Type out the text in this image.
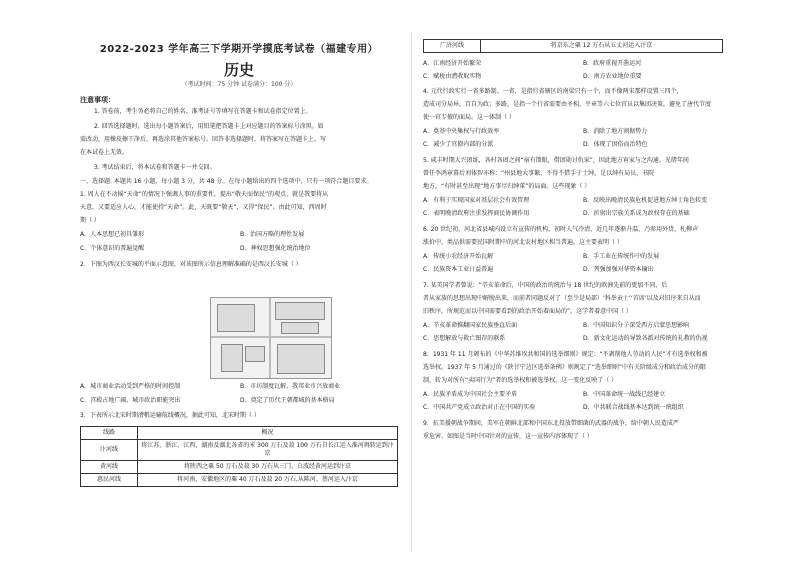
2022-2023 学年高三下学期开学摸底考试卷（福建专用）
历史
（考试时间：75 分钟 试卷满分：100 分）
注意事项：
1. 答卷前，考生务必将自己的姓名、准考证号等填写在答题卡和试卷指定位置上。
2. 回答选择题时，选出每小题答案后，用铅笔把答题卡上对应题目的答案标号涂黑。如
需改动，用橡皮擦干净后，再选涂其他答案标号。回答非选择题时，将答案写在答题卡上。写
在本试卷上无效。
3. 考试结束后，将本试卷和答题卡一并交回。
一、选择题. 本题共 16 小题，每小题 3 分，共 48 分。在每小题给出的四个选项中，只有一项符合题目要求。
1. 周人在不动摇“天命”的情况下强调人事的重要性，提出“敬天而保民”的观点，就是我要将从
天意，又要适应人心，才能使持“天命”。此，天既要“敬天”，又得“保民”。由此可知，西周时
期（ ）
A．人本思想已初具雏形	B．治国方略的理性发展
C．个体意识的普遍觉醒	D．神权思想强化统治地位
2．下图为西汉长安城的平面示意图，对该图所示信息理解准确的是西汉长安城（ ）
A．城市商业活动受到严格的时间控制	B．市坊制度瓦解，我邦业市兴放商业
C．宫殿占地广阔，城市政治职能突出	D．奠定了历代王朝都城的基本格局
3．下表所示北宋时期漕粮运输航线概况，据此可知，北宋时期（ ）
线路	概况
汴河线	将江苏、浙江、江西、湖南及湖北各省的米 300 万石及菽 100 万石自长江运入淮河再转运到汴京
黄河线	将陕西之粟 50 万石及菽 30 万石从三门、白波经黄河运到汴京
惠民河线	将河南、安徽地区的粟 40 万石及菽 20 万石,从陈河、蔡河运入汴京
广济河线	将京东之粟 12 万石从五丈河运入汴京
A．江南经济开始繁荣	B．政府重视开凿运河
C．赋税由漕收取实物	D．南方农业地位重要
4. 元代行政实行一省多路制。一省，是指行省辖区的南梁只有一个，而不像两宋那样设置三四个，
造成司分局异，百自为政；多路，是指一个行省需要由圣相、平章等六七位官员以集团决策，避免了唐代节度
使一官专擅的面局。这一体制（ ）
A．奠基中央集权与行政效率	B．消除了地方割据势力
C．减少了官僚内部的分派	D．体现了因俗而治特色
5. 咸丰时期大兴团练，各村各团之间“宿有馈眼，借团勋讨仇家”，因此地方宵家与之沟通。光绪年间
曾任李鸿章幕后刘体智亦称：“州县地大事繁，不得不借手于士绅，是以绅有局员，书院
地方，“有时甚至出现“地方事尽归绅董”的局面。这些现象（ ）
A．有利于实现国家对基层社会有效管理	B．反映出晚清民族危机促进地方绅士角色转变
C．表明晚清政府注重发挥商民协调作用	D．折射出宗族关系成为政权存在的基础
6. 20 世纪初，河北省县城内设立有宣传的机构，初时人气冷清，近几年逐渐升温，乃参用外货，札柳声
涨价中，类品供需要民国时期中的河北农村地区相当普遍。这主要表明（ ）
A．传统小农经济开始瓦解	B．手工业在传统作中的发展
C．民族资本工业日益普遍	D．列强加强对华资本输出
7. 某美国学者曾说：“辛亥革命后，中国的政治的统治与 18 世纪的欧洲先前的更加不同，后
者从家族的思想出现中解脱出来，而前者同题反对了（至少是局部）‘科举贡士’‘首席’以及对旧序来自从而
旧秩序，所规范而以中国需要看到的政治开始着面局的”。这学者着意中国（ ）
A．辛亥革命推翻国家民族垂直后面	B．中国知识分子深受西方启蒙思想影响
C．思想解放与救亡图存的联系	D．新文化运动的导致各派对传统的礼教的仇视
8．1931 年 11 月颁布的《中华苏维埃共和国的选举细则》规定：“不剥削他人劳动的人民”才有选举权和被
选举权。1937 年 5 月通过的《陕甘宁边区选举条例》则规定了“选举细则”中有关阶级成分和政治成分的限
制，转为对所有“卖国行为”者的选举权和被选举权。这一变化反映了（ ）
A．民族矛盾成为中国社会主要矛盾	B．中国革命统一战线已经建立
C．中国共产党成立政治对正在中国的实验	D．中共联合战线基本达到统一统组织
9．抗美援朝战争期间，美军在朝鲜北部和中国东北投放带细菌的武器的战争，给中朝人民造成严
重危害。如图是当时中国针对的宣传，这一宣传内容体现了（ ）
